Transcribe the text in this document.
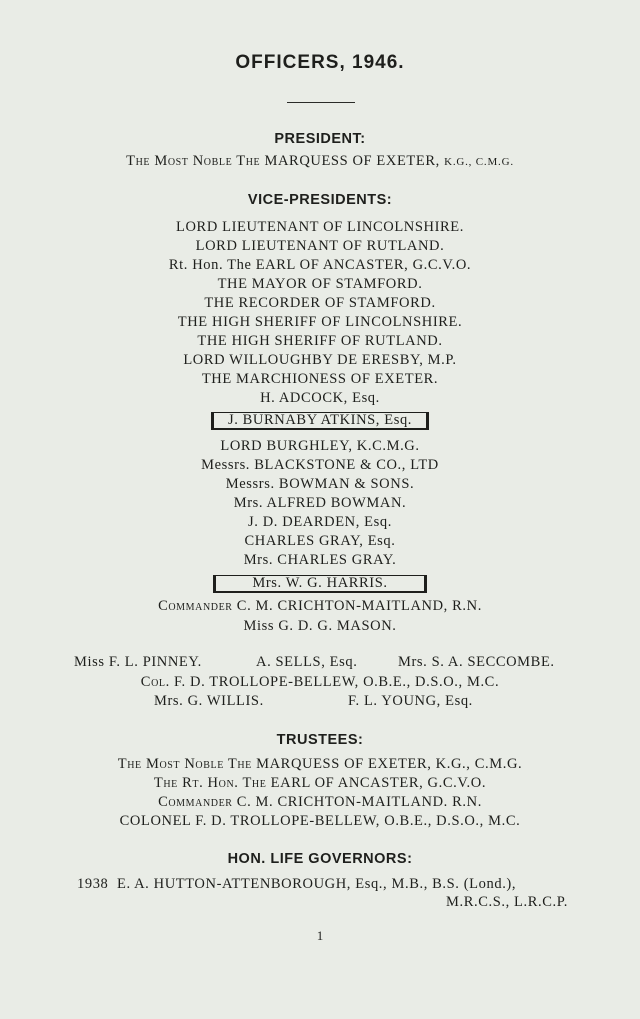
OFFICERS, 1946.
PRESIDENT:
The Most Noble The MARQUESS OF EXETER, K.G., C.M.G.
VICE-PRESIDENTS:
LORD LIEUTENANT OF LINCOLNSHIRE.
LORD LIEUTENANT OF RUTLAND.
Rt. Hon. The EARL OF ANCASTER, G.C.V.O.
THE MAYOR OF STAMFORD.
THE RECORDER OF STAMFORD.
THE HIGH SHERIFF OF LINCOLNSHIRE.
THE HIGH SHERIFF OF RUTLAND.
LORD WILLOUGHBY DE ERESBY, M.P.
THE MARCHIONESS OF EXETER.
H. ADCOCK, Esq.
J. BURNABY ATKINS, Esq.
LORD BURGHLEY, K.C.M.G.
Messrs. BLACKSTONE & CO., LTD
Messrs. BOWMAN & SONS.
Mrs. ALFRED BOWMAN.
J. D. DEARDEN, Esq.
CHARLES GRAY, Esq.
Mrs. CHARLES GRAY.
Mrs. W. G. HARRIS.
Commander C. M. CRICHTON-MAITLAND, R.N.
Miss G. D. G. MASON.
Miss F. L. PINNEY.	A. SELLS, Esq.	Mrs. S. A. SECCOMBE.
Col. F. D. TROLLOPE-BELLEW, O.B.E., D.S.O., M.C.
Mrs. G. WILLIS.	F. L. YOUNG, Esq.
TRUSTEES:
The Most Noble The MARQUESS OF EXETER, K.G., C.M.G.
The Rt. Hon. The EARL OF ANCASTER, G.C.V.O.
Commander C. M. CRICHTON-MAITLAND. R.N.
COLONEL F. D. TROLLOPE-BELLEW, O.B.E., D.S.O., M.C.
HON. LIFE GOVERNORS:
1938 E. A. HUTTON-ATTENBOROUGH, Esq., M.B., B.S. (Lond.),
M.R.C.S., L.R.C.P.
1
